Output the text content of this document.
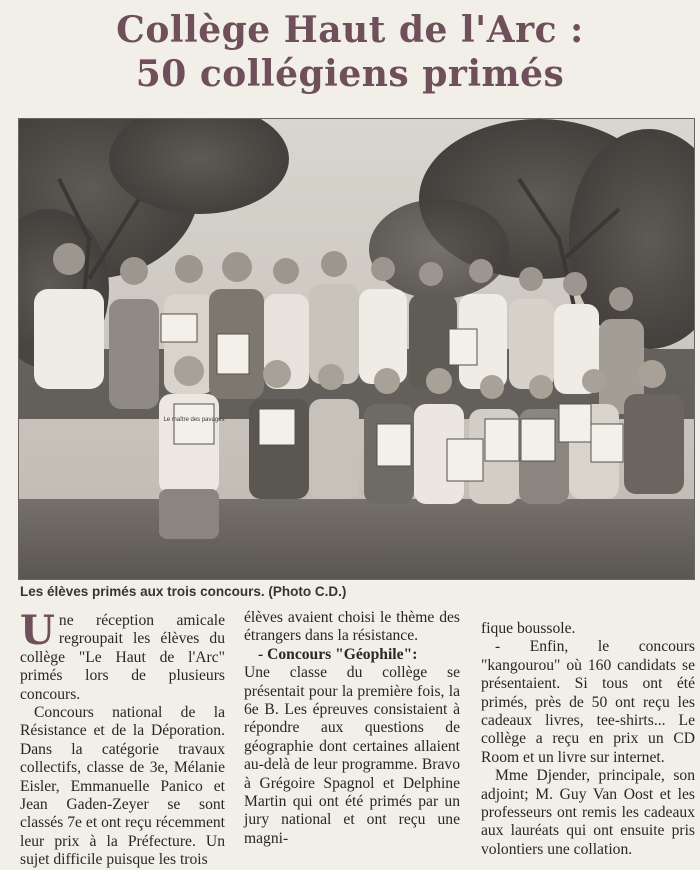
Collège Haut de l'Arc :
50 collégiens primés
Le maître des pavages
Les élèves primés aux trois concours. (Photo C.D.)

Une réception amicale regroupait les élèves du collège "Le Haut de l'Arc" primés lors de plusieurs concours.

Concours national de la Résistance et de la Déporation. Dans la catégorie travaux collectifs, classe de 3e, Mélanie Eisler, Emmanuelle Panico et Jean Gaden-Zeyer se sont classés 7e et ont reçu récemment leur prix à la Préfecture. Un sujet difficile puisque les trois

élèves avaient choisi le thème des étrangers dans la résistance.

- Concours "Géophile":

Une classe du collège se présentait pour la première fois, la 6e B. Les épreuves consistaient à répondre aux questions de géographie dont certaines allaient au-delà de leur programme. Bravo à Grégoire Spagnol et Delphine Martin qui ont été primés par un jury national et ont reçu une magni-

fique boussole.

- Enfin, le concours "kangourou" où 160 candidats se présentaient. Si tous ont été primés, près de 50 ont reçu les cadeaux livres, tee-shirts... Le collège a reçu en prix un CD Room et un livre sur internet.

Mme Djender, principale, son adjoint; M. Guy Van Oost et les professeurs ont remis les cadeaux aux lauréats qui ont ensuite pris volontiers une collation.
